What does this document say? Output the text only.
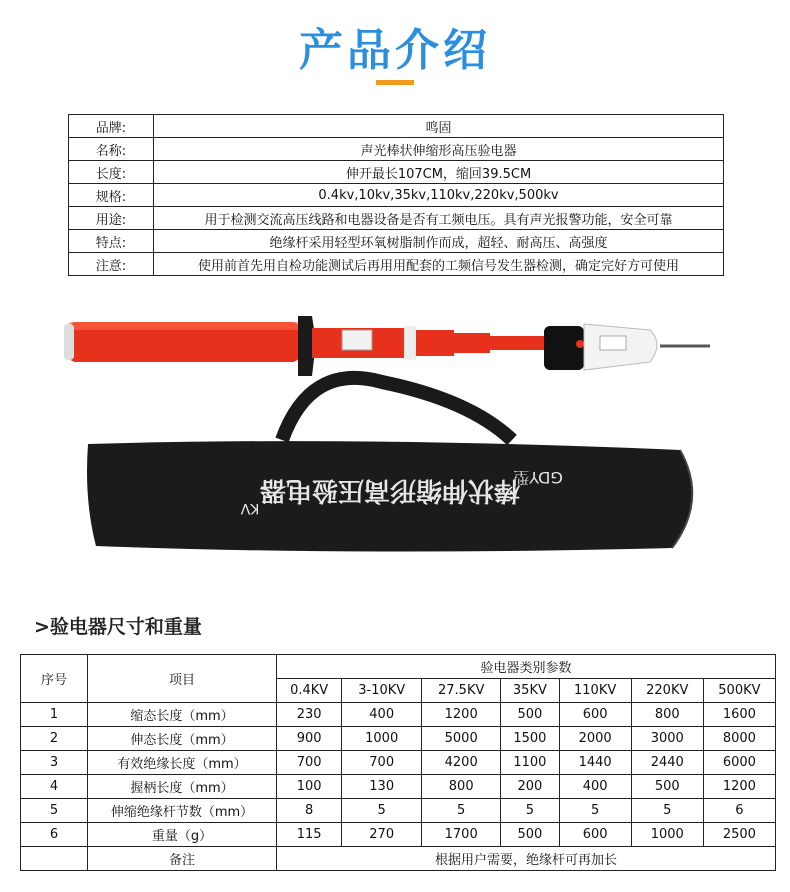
产品介绍
品牌:	鸣固
名称:	声光棒状伸缩形高压验电器
长度:	伸开最长107CM，缩回39.5CM
规格:	0.4kv,10kv,35kv,110kv,220kv,500kv
用途:	用于检测交流高压线路和电器设备是否有工频电压。具有声光报警功能，安全可靠
特点:	绝缘杆采用轻型环氧树脂制作而成，超轻、耐高压、高强度
注意:	使用前首先用自检功能测试后再用用配套的工频信号发生器检测，确定完好方可使用
棒状伸缩形高压验电器
GDY型
KV
>验电器尺寸和重量
序号	项目	验电器类别参数						
		0.4KV	3-10KV	27.5KV	35KV	110KV	220KV	500KV
1	缩态长度（mm）	230	400	1200	500	600	800	1600
2	伸态长度（mm）	900	1000	5000	1500	2000	3000	8000
3	有效绝缘长度（mm）	700	700	4200	1100	1440	2440	6000
4	握柄长度（mm）	100	130	800	200	400	500	1200
5	伸缩绝缘杆节数（mm）	8	5	5	5	5	5	6
6	重量（g）	115	270	1700	500	600	1000	2500
	备注	根据用户需要，绝缘杆可再加长						
